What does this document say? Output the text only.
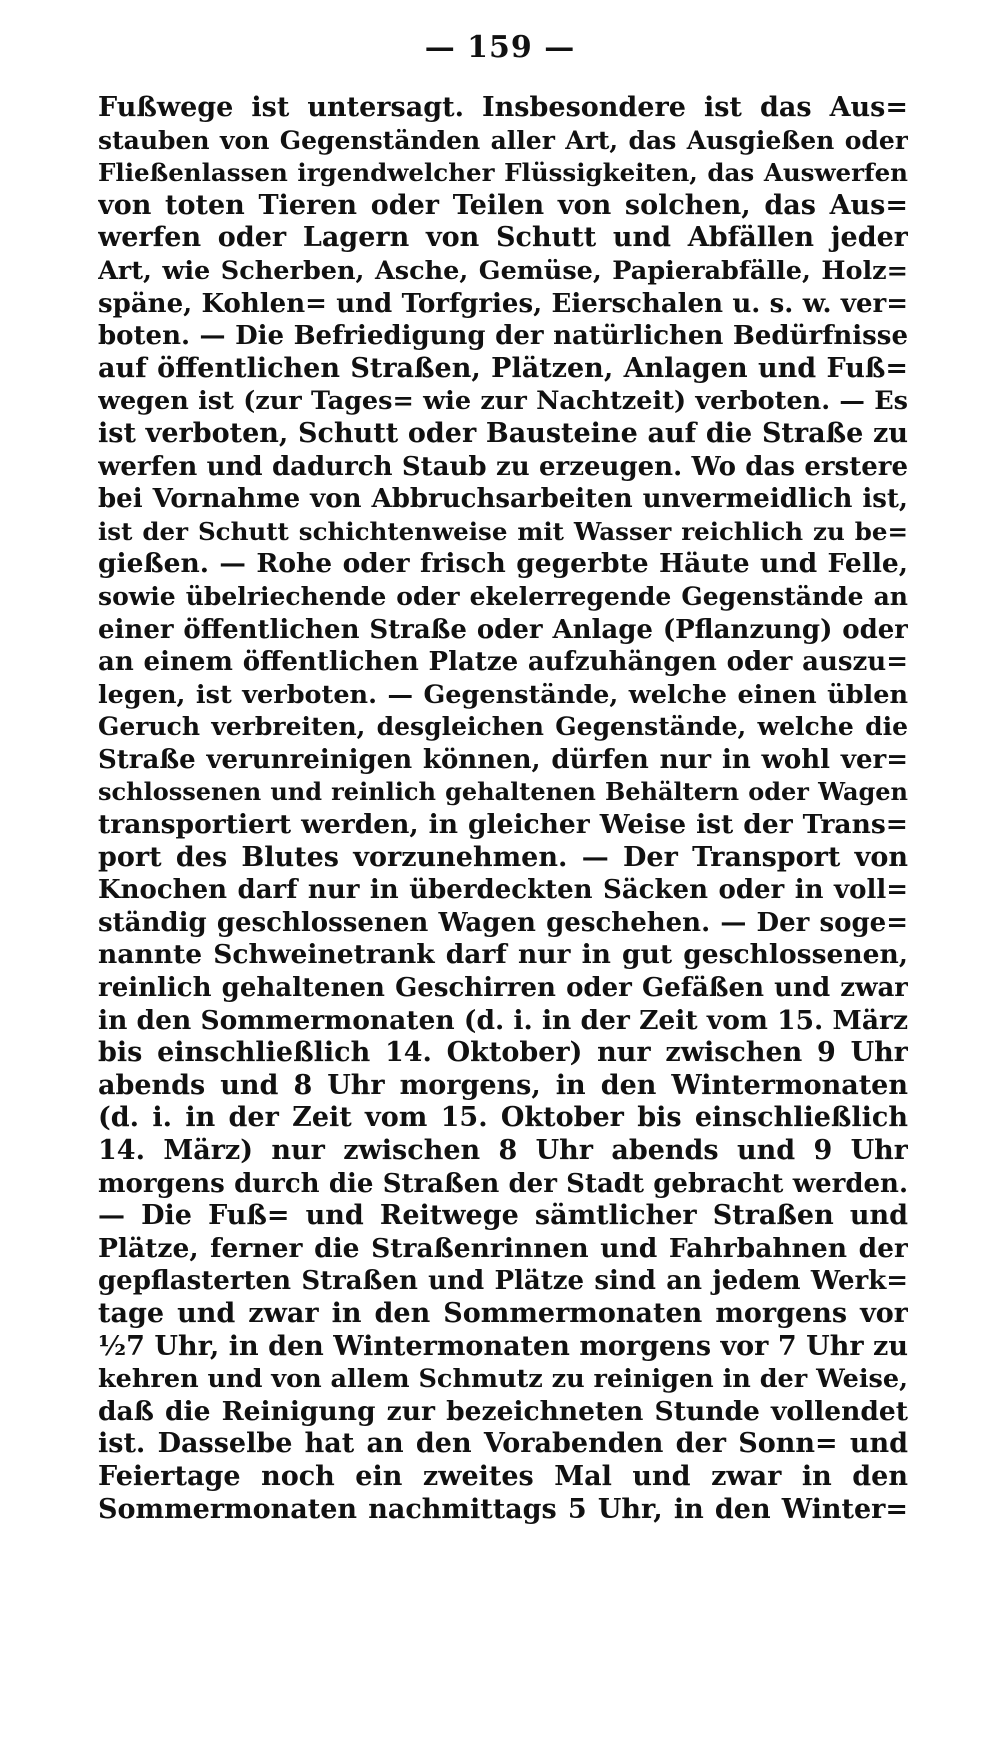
— 159 —
Fußwege ist untersagt. Insbesondere ist das Aus=
stauben von Gegenständen aller Art, das Ausgießen oder
Fließenlassen irgendwelcher Flüssigkeiten, das Auswerfen
von toten Tieren oder Teilen von solchen, das Aus=
werfen oder Lagern von Schutt und Abfällen jeder
Art, wie Scherben, Asche, Gemüse, Papierabfälle, Holz=
späne, Kohlen= und Torfgries, Eierschalen u. s. w. ver=
boten. — Die Befriedigung der natürlichen Bedürfnisse
auf öffentlichen Straßen, Plätzen, Anlagen und Fuß=
wegen ist (zur Tages= wie zur Nachtzeit) verboten. — Es
ist verboten, Schutt oder Bausteine auf die Straße zu
werfen und dadurch Staub zu erzeugen. Wo das erstere
bei Vornahme von Abbruchsarbeiten unvermeidlich ist,
ist der Schutt schichtenweise mit Wasser reichlich zu be=
gießen. — Rohe oder frisch gegerbte Häute und Felle,
sowie übelriechende oder ekelerregende Gegenstände an
einer öffentlichen Straße oder Anlage (Pflanzung) oder
an einem öffentlichen Platze aufzuhängen oder auszu=
legen, ist verboten. — Gegenstände, welche einen üblen
Geruch verbreiten, desgleichen Gegenstände, welche die
Straße verunreinigen können, dürfen nur in wohl ver=
schlossenen und reinlich gehaltenen Behältern oder Wagen
transportiert werden, in gleicher Weise ist der Trans=
port des Blutes vorzunehmen. — Der Transport von
Knochen darf nur in überdeckten Säcken oder in voll=
ständig geschlossenen Wagen geschehen. — Der soge=
nannte Schweinetrank darf nur in gut geschlossenen,
reinlich gehaltenen Geschirren oder Gefäßen und zwar
in den Sommermonaten (d. i. in der Zeit vom 15. März
bis einschließlich 14. Oktober) nur zwischen 9 Uhr
abends und 8 Uhr morgens, in den Wintermonaten
(d. i. in der Zeit vom 15. Oktober bis einschließlich
14. März) nur zwischen 8 Uhr abends und 9 Uhr
morgens durch die Straßen der Stadt gebracht werden.
— Die Fuß= und Reitwege sämtlicher Straßen und
Plätze, ferner die Straßenrinnen und Fahrbahnen der
gepflasterten Straßen und Plätze sind an jedem Werk=
tage und zwar in den Sommermonaten morgens vor
½7 Uhr, in den Wintermonaten morgens vor 7 Uhr zu
kehren und von allem Schmutz zu reinigen in der Weise,
daß die Reinigung zur bezeichneten Stunde vollendet
ist. Dasselbe hat an den Vorabenden der Sonn= und
Feiertage noch ein zweites Mal und zwar in den
Sommermonaten nachmittags 5 Uhr, in den Winter=
